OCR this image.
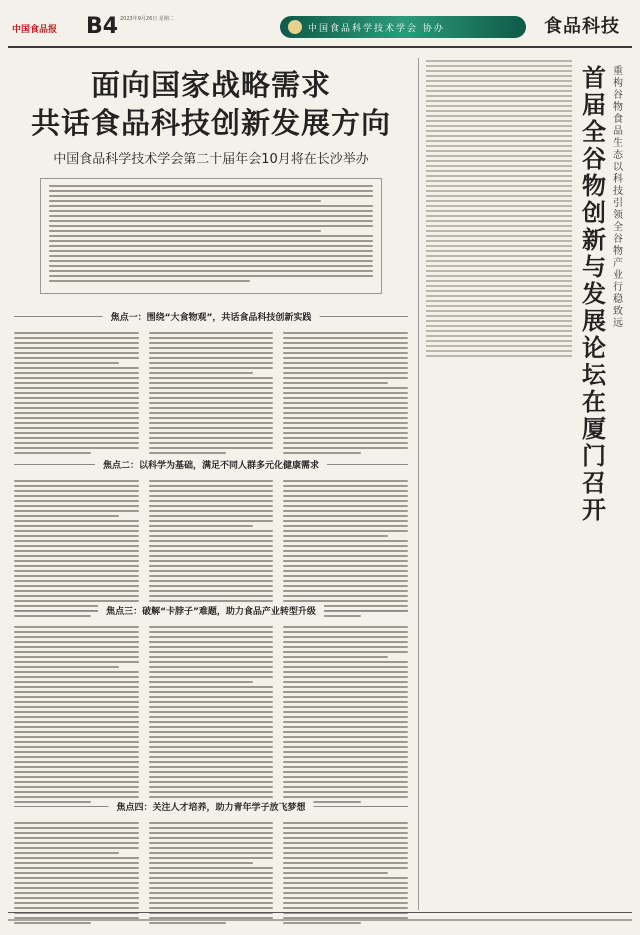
中国食品报 B4 2023年9月26日 星期二
中国食品科学技术学会 协办	食品科技
面向国家战略需求
共话食品科技创新发展方向
中国食品科学技术学会第二十届年会10月将在长沙举办
焦点一：围绕“大食物观”，共话食品科技创新实践
焦点二：以科学为基础，满足不同人群多元化健康需求
焦点三：破解“卡脖子”难题，助力食品产业转型升级
焦点四：关注人才培养，助力青年学子放飞梦想
首届全谷物创新与发展论坛在厦门召开
重构谷物食品生态 以科技引领全谷物产业行稳致远
